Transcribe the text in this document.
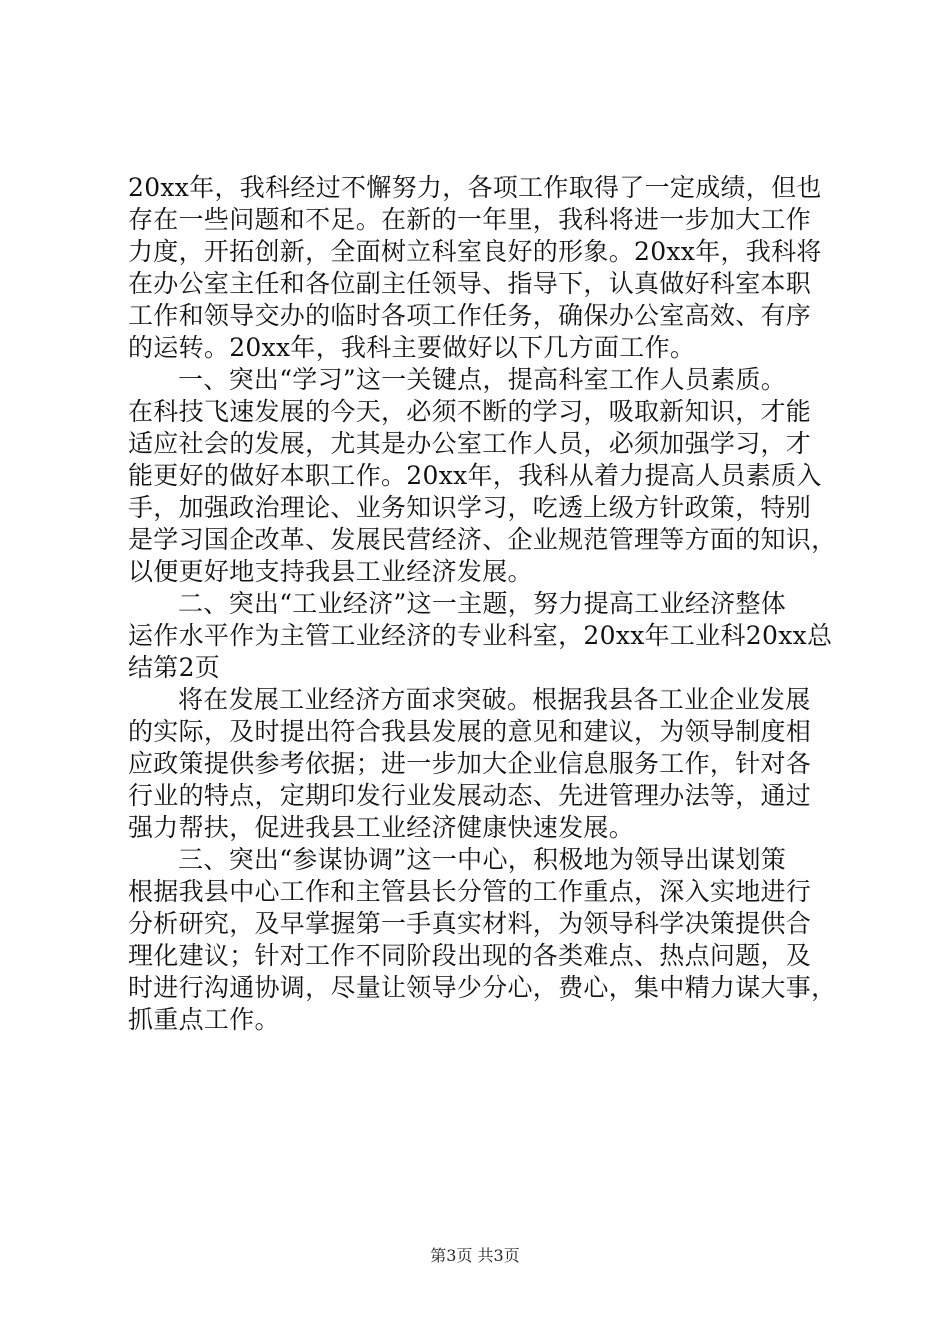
20xx年，我科经过不懈努力，各项工作取得了一定成绩，但也
存在一些问题和不足。在新的一年里，我科将进一步加大工作
力度，开拓创新，全面树立科室良好的形象。20xx年，我科将
在办公室主任和各位副主任领导、指导下，认真做好科室本职
工作和领导交办的临时各项工作任务，确保办公室高效、有序
的运转。20xx年，我科主要做好以下几方面工作。
一、突出“学习”这一关键点，提高科室工作人员素质。
在科技飞速发展的今天，必须不断的学习，吸取新知识，才能
适应社会的发展，尤其是办公室工作人员，必须加强学习，才
能更好的做好本职工作。20xx年，我科从着力提高人员素质入
手，加强政治理论、业务知识学习，吃透上级方针政策，特别
是学习国企改革、发展民营经济、企业规范管理等方面的知识，
以便更好地支持我县工业经济发展。
二、突出“工业经济”这一主题，努力提高工业经济整体
运作水平作为主管工业经济的专业科室，20xx年工业科20xx总
结第2页
将在发展工业经济方面求突破。根据我县各工业企业发展
的实际，及时提出符合我县发展的意见和建议，为领导制度相
应政策提供参考依据；进一步加大企业信息服务工作，针对各
行业的特点，定期印发行业发展动态、先进管理办法等，通过
强力帮扶，促进我县工业经济健康快速发展。
三、突出“参谋协调”这一中心，积极地为领导出谋划策
根据我县中心工作和主管县长分管的工作重点，深入实地进行
分析研究，及早掌握第一手真实材料，为领导科学决策提供合
理化建议；针对工作不同阶段出现的各类难点、热点问题，及
时进行沟通协调，尽量让领导少分心，费心，集中精力谋大事，
抓重点工作。
第3页 共3页
